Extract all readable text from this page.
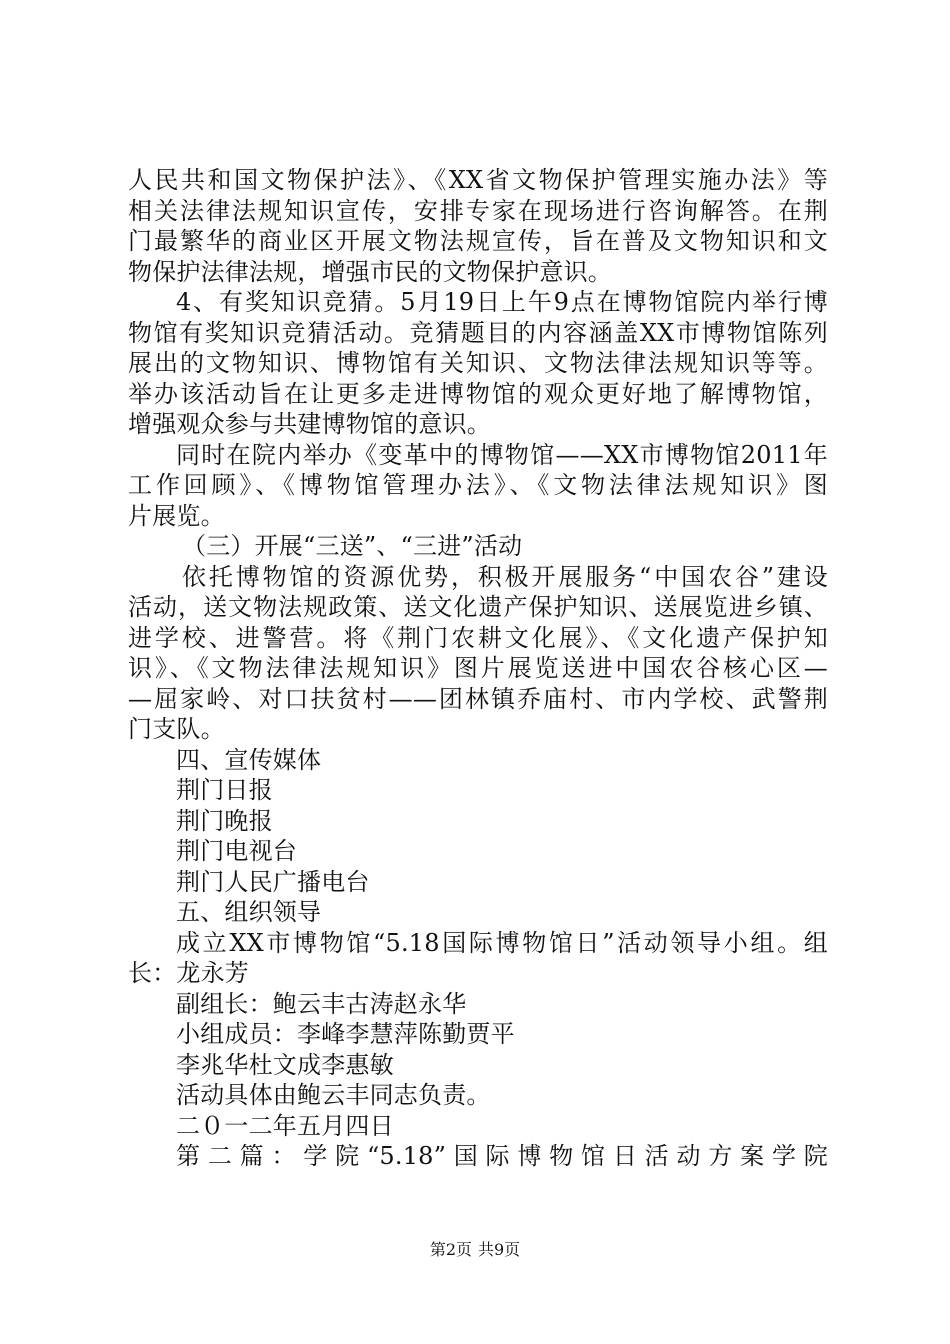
人民共和国文物保护法》、《XX省文物保护管理实施办法》等
相关法律法规知识宣传，安排专家在现场进行咨询解答。在荆
门最繁华的商业区开展文物法规宣传，旨在普及文物知识和文
物保护法律法规，增强市民的文物保护意识。
4、有奖知识竞猜。5月19日上午9点在博物馆院内举行博
物馆有奖知识竞猜活动。竞猜题目的内容涵盖XX市博物馆陈列
展出的文物知识、博物馆有关知识、文物法律法规知识等等。
举办该活动旨在让更多走进博物馆的观众更好地了解博物馆，
增强观众参与共建博物馆的意识。
同时在院内举办《变革中的博物馆——XX市博物馆2011年
工作回顾》、《博物馆管理办法》、《文物法律法规知识》图
片展览。
（三）开展“三送”、“三进”活动
依托博物馆的资源优势，积极开展服务“中国农谷”建设
活动，送文物法规政策、送文化遗产保护知识、送展览进乡镇、
进学校、进警营。将《荆门农耕文化展》、《文化遗产保护知
识》、《文物法律法规知识》图片展览送进中国农谷核心区—
—屈家岭、对口扶贫村——团林镇乔庙村、市内学校、武警荆
门支队。
四、宣传媒体
荆门日报
荆门晚报
荆门电视台
荆门人民广播电台
五、组织领导
成立XX市博物馆“5.18国际博物馆日”活动领导小组。组
长：龙永芳
副组长：鲍云丰古涛赵永华
小组成员：李峰李慧萍陈勤贾平
李兆华杜文成李惠敏
活动具体由鲍云丰同志负责。
二０一二年五月四日
第二篇：学院“5.18”国际博物馆日活动方案学院
第2页 共9页
